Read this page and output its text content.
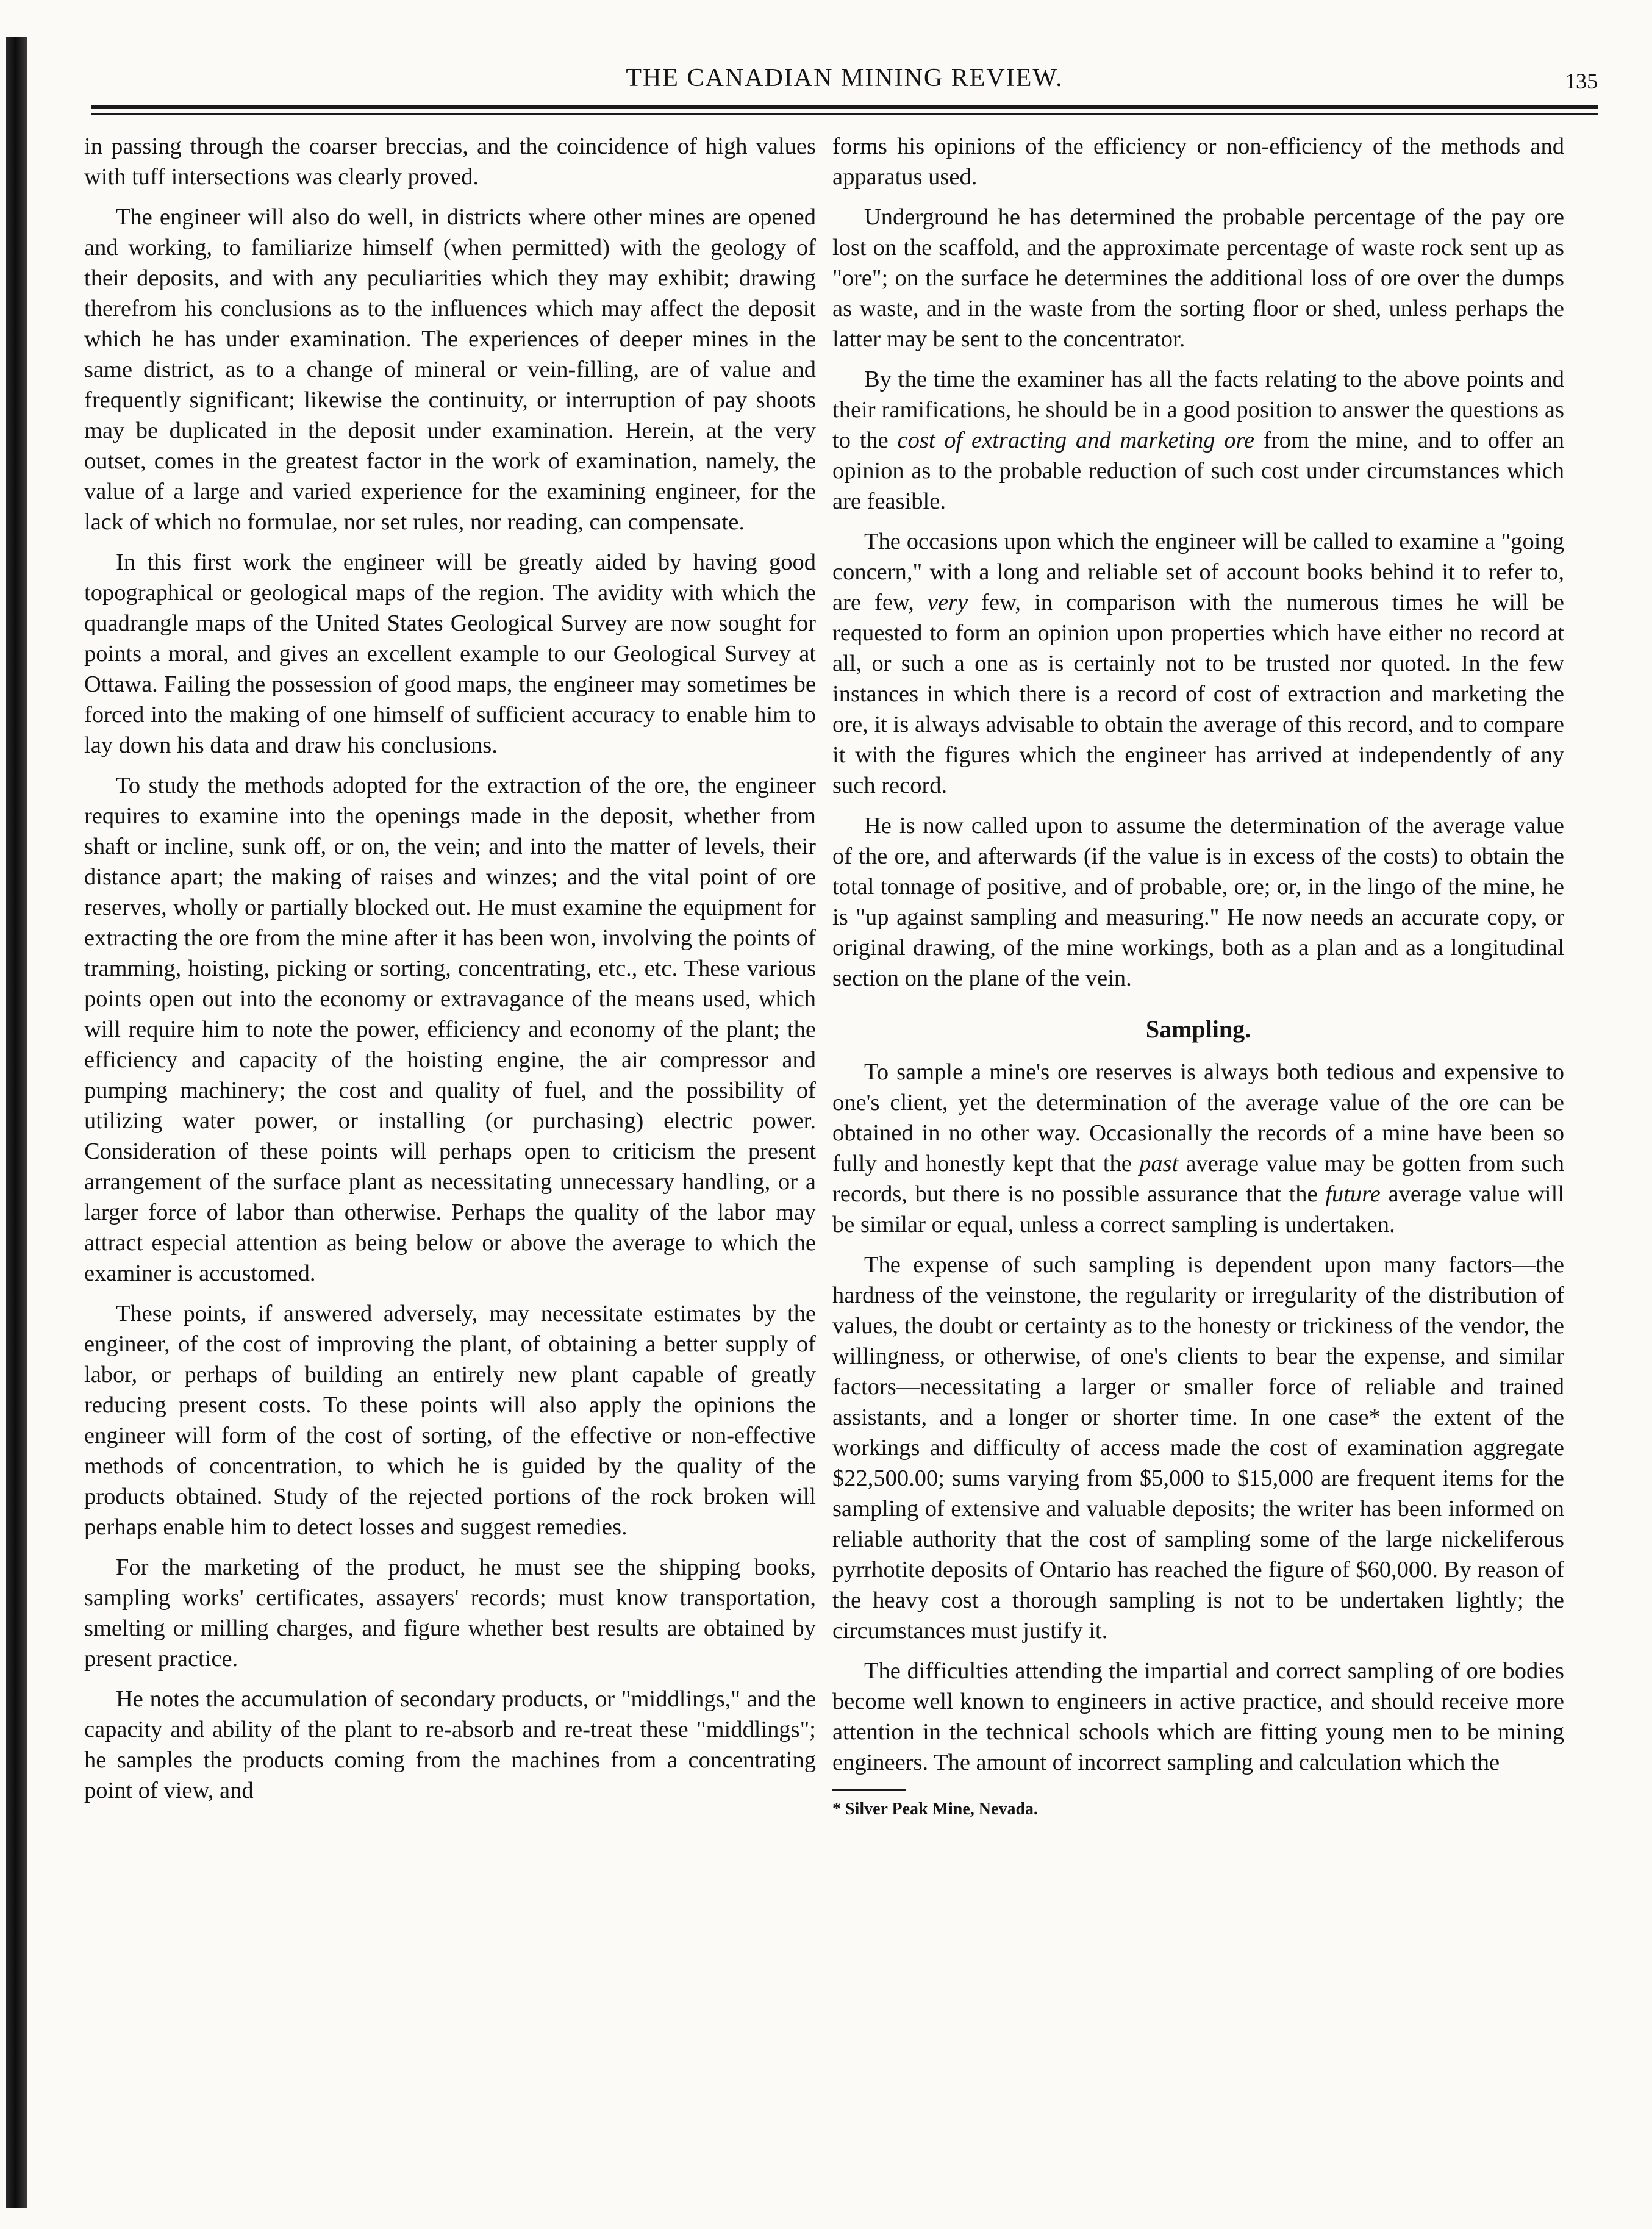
THE CANADIAN MINING REVIEW.	135

in passing through the coarser breccias, and the coincidence of high values with tuff intersections was clearly proved.

The engineer will also do well, in districts where other mines are opened and working, to familiarize himself (when permitted) with the geology of their deposits, and with any peculiarities which they may exhibit; drawing therefrom his conclusions as to the influences which may affect the deposit which he has under examination. The experiences of deeper mines in the same district, as to a change of mineral or vein-filling, are of value and frequently significant; likewise the continuity, or interruption of pay shoots may be duplicated in the deposit under examination. Herein, at the very outset, comes in the greatest factor in the work of examination, namely, the value of a large and varied experience for the examining engineer, for the lack of which no formulae, nor set rules, nor reading, can compensate.

In this first work the engineer will be greatly aided by having good topographical or geological maps of the region. The avidity with which the quadrangle maps of the United States Geological Survey are now sought for points a moral, and gives an excellent example to our Geological Survey at Ottawa. Failing the possession of good maps, the engineer may sometimes be forced into the making of one himself of sufficient accuracy to enable him to lay down his data and draw his conclusions.

To study the methods adopted for the extraction of the ore, the engineer requires to examine into the openings made in the deposit, whether from shaft or incline, sunk off, or on, the vein; and into the matter of levels, their distance apart; the making of raises and winzes; and the vital point of ore reserves, wholly or partially blocked out. He must examine the equipment for extracting the ore from the mine after it has been won, involving the points of tramming, hoisting, picking or sorting, concentrating, etc., etc. These various points open out into the economy or extravagance of the means used, which will require him to note the power, efficiency and economy of the plant; the efficiency and capacity of the hoisting engine, the air compressor and pumping machinery; the cost and quality of fuel, and the possibility of utilizing water power, or installing (or purchasing) electric power. Consideration of these points will perhaps open to criticism the present arrangement of the surface plant as necessitating unnecessary handling, or a larger force of labor than otherwise. Perhaps the quality of the labor may attract especial attention as being below or above the average to which the examiner is accustomed.

These points, if answered adversely, may necessitate estimates by the engineer, of the cost of improving the plant, of obtaining a better supply of labor, or perhaps of building an entirely new plant capable of greatly reducing present costs. To these points will also apply the opinions the engineer will form of the cost of sorting, of the effective or non-effective methods of concentration, to which he is guided by the quality of the products obtained. Study of the rejected portions of the rock broken will perhaps enable him to detect losses and suggest remedies.

For the marketing of the product, he must see the shipping books, sampling works' certificates, assayers' records; must know transportation, smelting or milling charges, and figure whether best results are obtained by present practice.

He notes the accumulation of secondary products, or "middlings," and the capacity and ability of the plant to re-absorb and re-treat these "middlings"; he samples the products coming from the machines from a concentrating point of view, and

forms his opinions of the efficiency or non-efficiency of the methods and apparatus used.

Underground he has determined the probable percentage of the pay ore lost on the scaffold, and the approximate percentage of waste rock sent up as "ore"; on the surface he determines the additional loss of ore over the dumps as waste, and in the waste from the sorting floor or shed, unless perhaps the latter may be sent to the concentrator.

By the time the examiner has all the facts relating to the above points and their ramifications, he should be in a good position to answer the questions as to the cost of extracting and marketing ore from the mine, and to offer an opinion as to the probable reduction of such cost under circumstances which are feasible.

The occasions upon which the engineer will be called to examine a "going concern," with a long and reliable set of account books behind it to refer to, are few, very few, in comparison with the numerous times he will be requested to form an opinion upon properties which have either no record at all, or such a one as is certainly not to be trusted nor quoted. In the few instances in which there is a record of cost of extraction and marketing the ore, it is always advisable to obtain the average of this record, and to compare it with the figures which the engineer has arrived at independently of any such record.

He is now called upon to assume the determination of the average value of the ore, and afterwards (if the value is in excess of the costs) to obtain the total tonnage of positive, and of probable, ore; or, in the lingo of the mine, he is "up against sampling and measuring." He now needs an accurate copy, or original drawing, of the mine workings, both as a plan and as a longitudinal section on the plane of the vein.

Sampling.

To sample a mine's ore reserves is always both tedious and expensive to one's client, yet the determination of the average value of the ore can be obtained in no other way. Occasionally the records of a mine have been so fully and honestly kept that the past average value may be gotten from such records, but there is no possible assurance that the future average value will be similar or equal, unless a correct sampling is undertaken.

The expense of such sampling is dependent upon many factors—the hardness of the veinstone, the regularity or irregularity of the distribution of values, the doubt or certainty as to the honesty or trickiness of the vendor, the willingness, or otherwise, of one's clients to bear the expense, and similar factors—necessitating a larger or smaller force of reliable and trained assistants, and a longer or shorter time. In one case* the extent of the workings and difficulty of access made the cost of examination aggregate $22,500.00; sums varying from $5,000 to $15,000 are frequent items for the sampling of extensive and valuable deposits; the writer has been informed on reliable authority that the cost of sampling some of the large nickeliferous pyrrhotite deposits of Ontario has reached the figure of $60,000. By reason of the heavy cost a thorough sampling is not to be undertaken lightly; the circumstances must justify it.

The difficulties attending the impartial and correct sampling of ore bodies become well known to engineers in active practice, and should receive more attention in the technical schools which are fitting young men to be mining engineers. The amount of incorrect sampling and calculation which the

* Silver Peak Mine, Nevada.
